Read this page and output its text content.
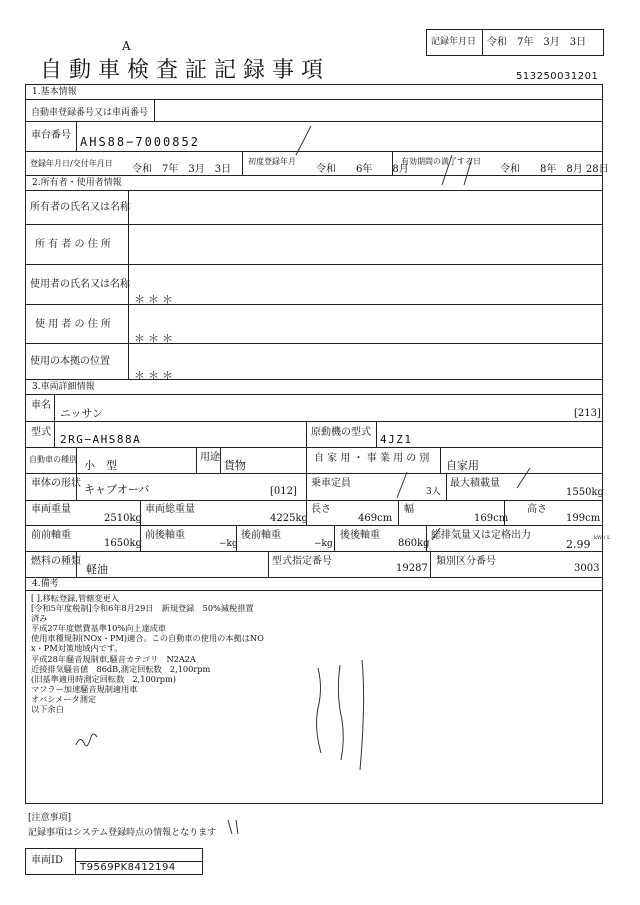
A
自動車検査証記録事項
記録年月日 令和　7年　3月　3日
513250031201
1.基本情報
自動車登録番号又は車両番号
車台番号 AHS88−7000852
登録年月日/交付年月日
令和　7年　3月　3日
初度登録年月
令和　　6年　　8月
有効期間の満了する日
令和　　8年　8月 28日
2.所有者・使用者情報
所有者の氏名又は名称
所 有 者 の 住 所
使用者の氏名又は名称
＊＊＊
使 用 者 の 住 所
＊＊＊
使用の本拠の位置
＊＊＊
3.車両詳細情報
車名
ニッサン	[213]
型式
2RG−AHS88A
原動機の型式
4JZ1
自動車の種別 小　型
用途
貨物
自 家 用 ・ 事 業 用 の 別
自家用
車体の形状 キャブオーバ	[012]
乗車定員
3人
最大積載量
1550kg
車両重量
2510kg
車両総重量
4225kg
長さ
469cm
幅
169cm
高さ
199cm
前前軸重
1650kg
前後軸重
−kg
後前軸重
−kg
後後軸重
860kg
総排気量又は定格出力
2.99 kW / L
燃料の種類
軽油
型式指定番号
19287
類別区分番号
3003
4.備考
[ ],移転登録,管轄変更入
[令和5年度税制]令和6年8月29日　新規登録　50%減税措置
済み
平成27年度燃費基準10%向上達成車
使用車種規制(NOx・PM)適合。この自動車の使用の本拠はNO
x・PM対策地域内です。
平成28年騒音規制車,騒音カテゴリ　N2A2A
近接排気騒音値　86dB,測定回転数　2,100rpm
(旧基準適用時測定回転数　2,100rpm)
マフラー加速騒音規制適用車
オバシメータ測定
以下余白
[注意事項]
記録事項はシステム登録時点の情報となります
車両ID
T9569PK8412194
